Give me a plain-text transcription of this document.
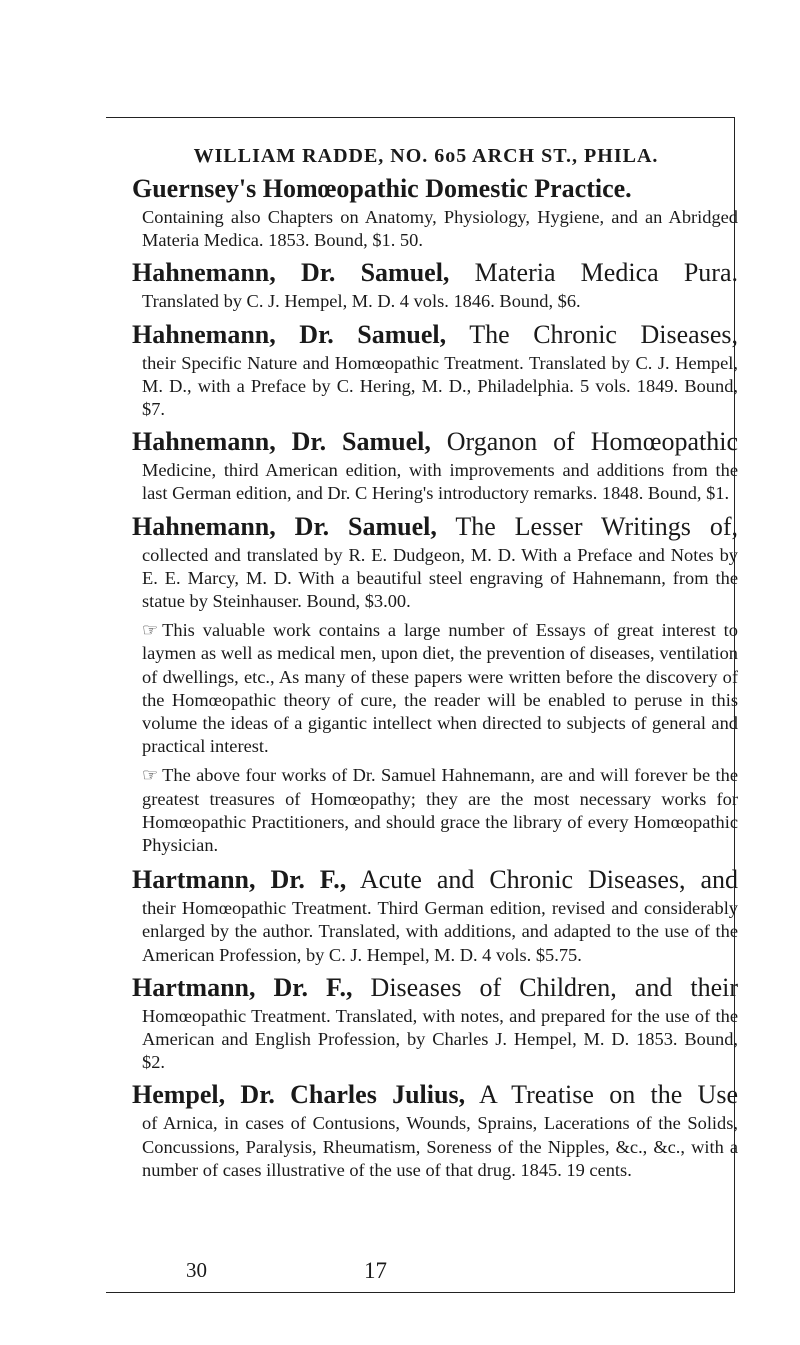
WILLIAM RADDE, NO. 6o5 ARCH ST., PHILA.
Guernsey's Homœopathic Domestic Practice.
Containing also Chapters on Anatomy, Physiology, Hygiene, and an Abridged Materia Medica. 1853. Bound, $1. 50.
Hahnemann, Dr. Samuel, Materia Medica Pura.
Translated by C. J. Hempel, M. D. 4 vols. 1846. Bound, $6.
Hahnemann, Dr. Samuel, The Chronic Diseases,
their Specific Nature and Homœopathic Treatment. Translated by C. J. Hempel, M. D., with a Preface by C. Hering, M. D., Philadelphia. 5 vols. 1849. Bound, $7.
Hahnemann, Dr. Samuel, Organon of Homœopathic
Medicine, third American edition, with improvements and additions from the last German edition, and Dr. C Hering's introductory remarks. 1848. Bound, $1.
Hahnemann, Dr. Samuel, The Lesser Writings of,
collected and translated by R. E. Dudgeon, M. D. With a Preface and Notes by E. E. Marcy, M. D. With a beautiful steel engraving of Hahnemann, from the statue by Steinhauser. Bound, $3.00.
☞ This valuable work contains a large number of Essays of great interest to laymen as well as medical men, upon diet, the prevention of diseases, ventilation of dwellings, etc., As many of these papers were written before the discovery of the Homœopathic theory of cure, the reader will be enabled to peruse in this volume the ideas of a gigantic intellect when directed to subjects of general and practical interest.
☞ The above four works of Dr. Samuel Hahnemann, are and will forever be the greatest treasures of Homœopathy; they are the most necessary works for Homœopathic Practitioners, and should grace the library of every Homœopathic Physician.
Hartmann, Dr. F., Acute and Chronic Diseases, and
their Homœopathic Treatment. Third German edition, revised and considerably enlarged by the author. Translated, with additions, and adapted to the use of the American Profession, by C. J. Hempel, M. D. 4 vols. $5.75.
Hartmann, Dr. F., Diseases of Children, and their
Homœopathic Treatment. Translated, with notes, and prepared for the use of the American and English Profession, by Charles J. Hempel, M. D. 1853. Bound, $2.
Hempel, Dr. Charles Julius, A Treatise on the Use
of Arnica, in cases of Contusions, Wounds, Sprains, Lacerations of the Solids, Concussions, Paralysis, Rheumatism, Soreness of the Nipples, &c., &c., with a number of cases illustrative of the use of that drug. 1845. 19 cents.
30	17
